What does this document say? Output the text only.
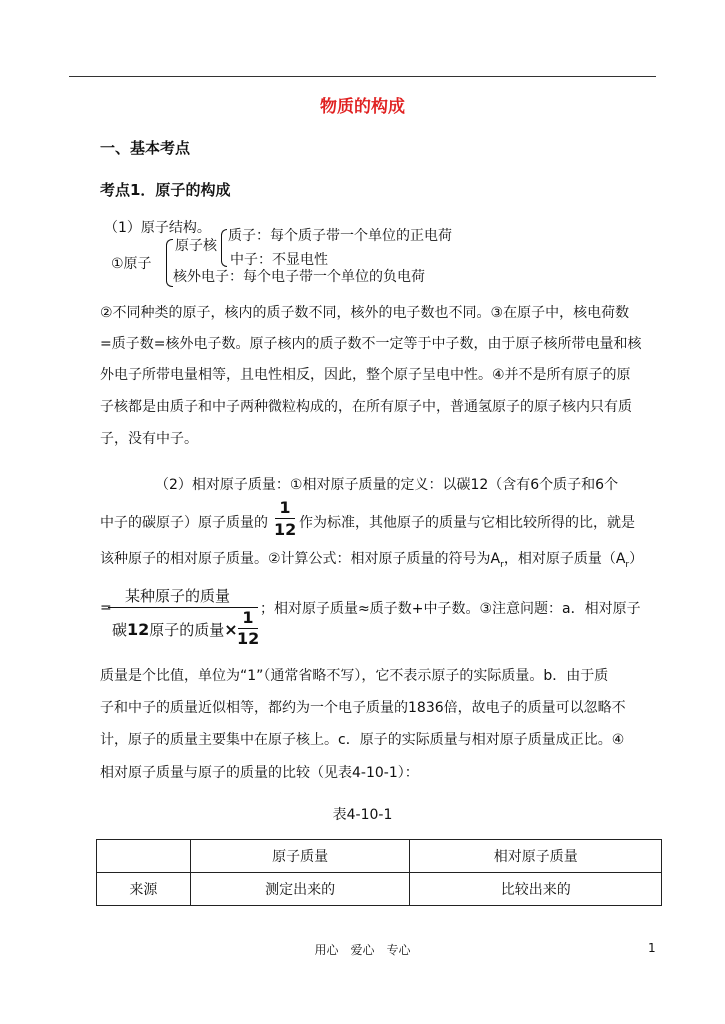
物质的构成
一、基本考点
考点1．原子的构成
（1）原子结构。
①原子
原子核
质子：每个质子带一个单位的正电荷
中子：不显电性
核外电子：每个电子带一个单位的负电荷
②不同种类的原子，核内的质子数不同，核外的电子数也不同。③在原子中，核电荷数
=质子数=核外电子数。原子核内的质子数不一定等于中子数，由于原子核所带电量和核
外电子所带电量相等，且电性相反，因此，整个原子呈电中性。④并不是所有原子的原
子核都是由质子和中子两种微粒构成的，在所有原子中，普通氢原子的原子核内只有质
子，没有中子。
（2）相对原子质量：①相对原子质量的定义：以碳12（含有6个质子和6个
中子的碳原子）原子质量的
1
12 作为标准，其他原子的质量与它相比较所得的比，就是
该种原子的相对原子质量。②计算公式：相对原子质量的符号为$A_r$，相对原子质量$(A_r)$
=
某种原子的质量
碳12原子的质量×
1
12
；相对原子质量≈质子数+中子数。③注意问题：a．相对原子
质量是个比值，单位为“1”（通常省略不写），它不表示原子的实际质量。b．由于质
子和中子的质量近似相等，都约为一个电子质量的1836倍，故电子的质量可以忽略不
计，原子的质量主要集中在原子核上。c．原子的实际质量与相对原子质量成正比。④
相对原子质量与原子的质量的比较（见表4-10-1）：
表4-10-1
	原子质量	相对原子质量
来源	测定出来的	比较出来的
用心　爱心　专心	1
